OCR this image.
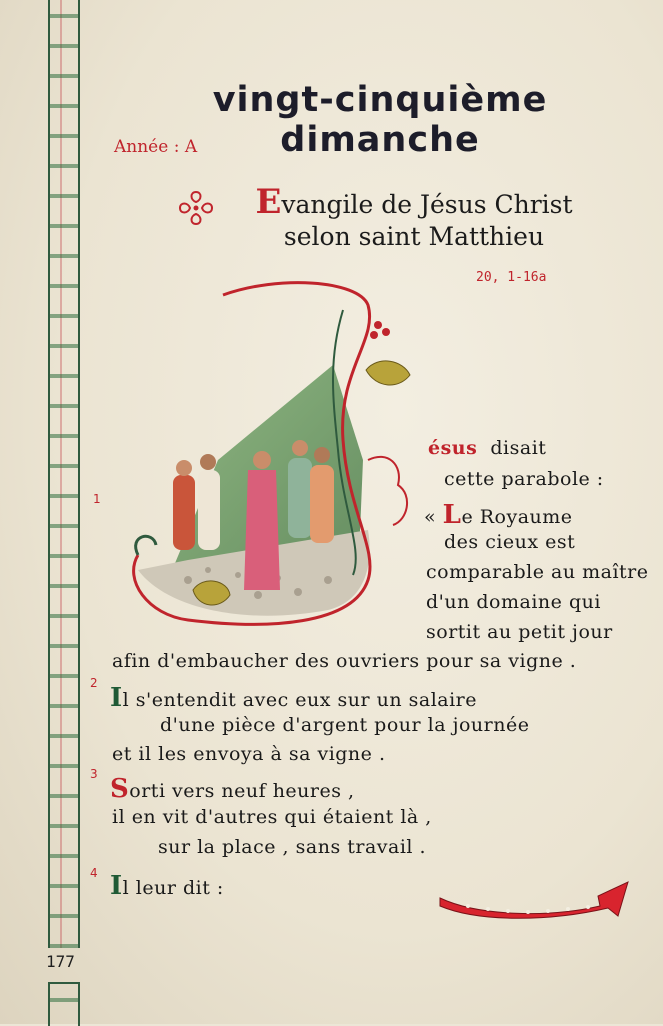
177
vingt-cinquième dimanche
Année : A
Evangile de Jésus Christ
selon saint Matthieu
20, 1-16a
1
ésus disait
cette parabole :
« Le Royaume
des cieux est
comparable au maître
d'un domaine qui
sortit au petit jour
afin d'embaucher des ouvriers pour sa vigne .
2 Il s'entendit avec eux sur un salaire
d'une pièce d'argent pour la journée
et il les envoya à sa vigne .
3 Sorti vers neuf heures ,
il en vit d'autres qui étaient là ,
sur la place , sans travail .
4 Il leur dit :
